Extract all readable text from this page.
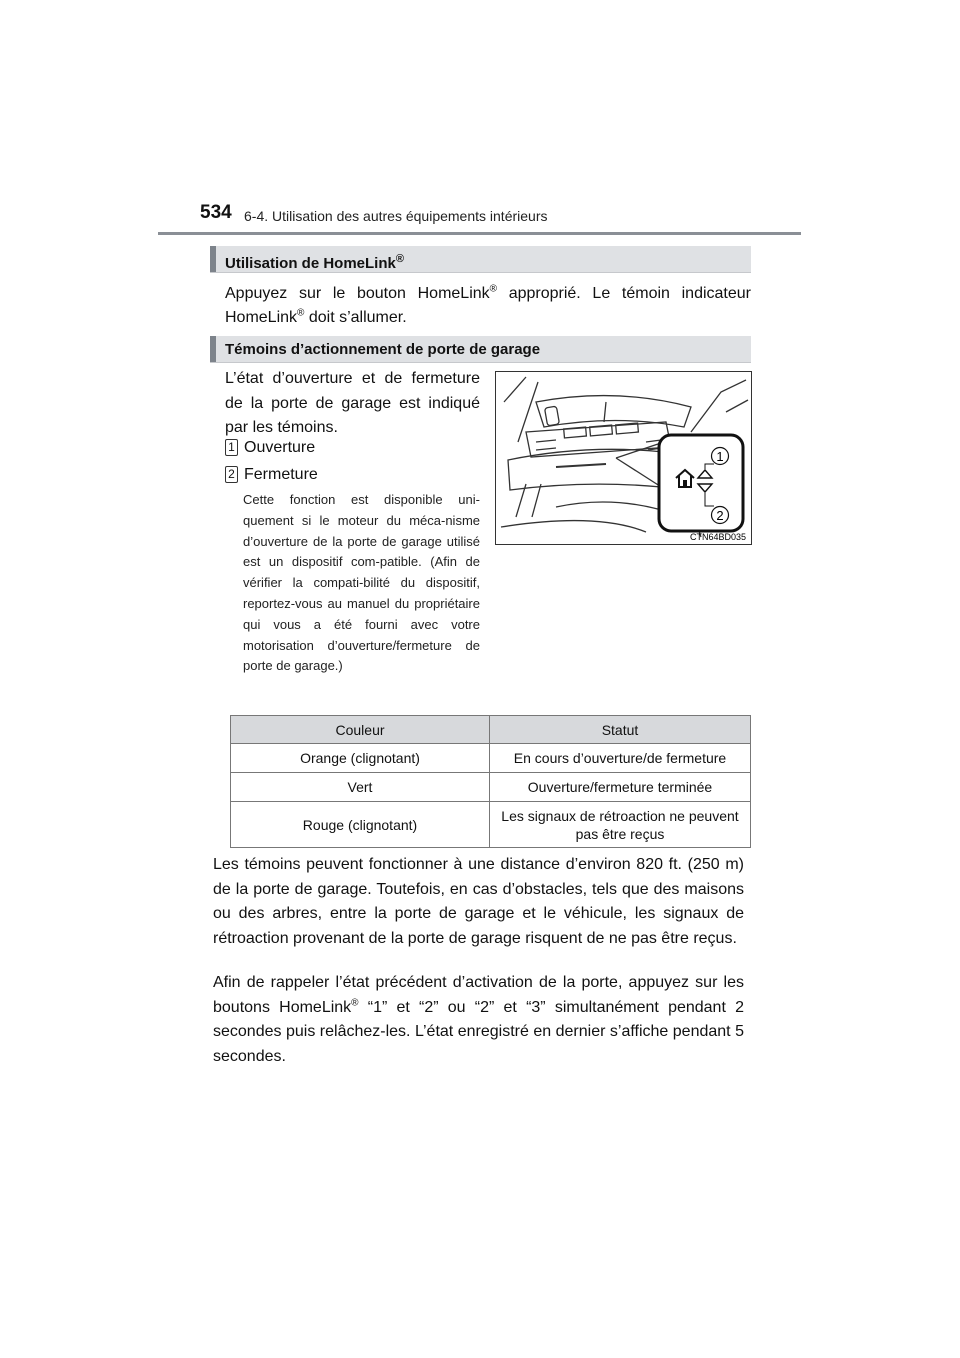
534 6-4. Utilisation des autres équipements intérieurs
Utilisation de HomeLink®
Appuyez sur le bouton HomeLink® approprié. Le témoin indicateur HomeLink® doit s’allumer.
Témoins d’actionnement de porte de garage
L’état d’ouverture et de fermeture de la porte de garage est indiqué par les témoins.
1 Ouverture
2 Fermeture
Cette fonction est disponible uni-quement si le moteur du méca-nisme d’ouverture de la porte de garage utilisé est un dispositif com-patible. (Afin de vérifier la compati-bilité du dispositif, reportez-vous au manuel du propriétaire qui vous a été fourni avec votre motorisation d’ouverture/fermeture de porte de garage.)
1
2
CTN64BD035
Couleur	Statut
Orange (clignotant)	En cours d’ouverture/de fermeture
Vert	Ouverture/fermeture terminée
Rouge (clignotant)	Les signaux de rétroaction ne peuvent pas être reçus
Les témoins peuvent fonctionner à une distance d’environ 820 ft. (250 m) de la porte de garage. Toutefois, en cas d’obstacles, tels que des maisons ou des arbres, entre la porte de garage et le véhicule, les signaux de rétroaction provenant de la porte de garage risquent de ne pas être reçus.
Afin de rappeler l’état précédent d’activation de la porte, appuyez sur les boutons HomeLink® “1” et “2” ou “2” et “3” simultanément pendant 2 secondes puis relâchez-les. L’état enregistré en dernier s’affiche pendant 5 secondes.
